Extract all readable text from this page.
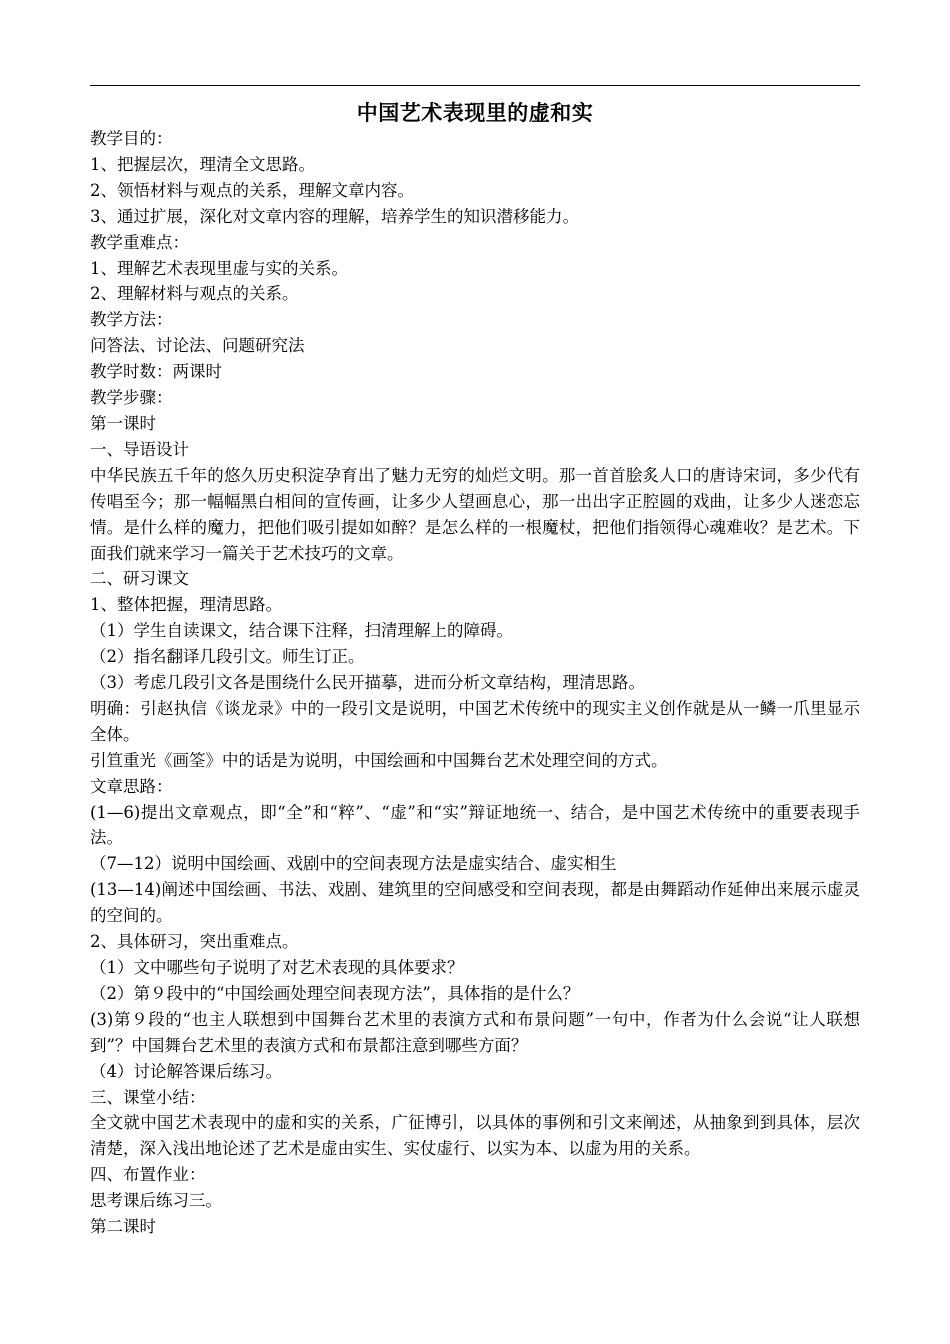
中国艺术表现里的虚和实
教学目的：
1、把握层次，理清全文思路。
2、领悟材料与观点的关系，理解文章内容。
3、通过扩展，深化对文章内容的理解，培养学生的知识潜移能力。
教学重难点：
1、理解艺术表现里虚与实的关系。
2、理解材料与观点的关系。
教学方法：
问答法、讨论法、问题研究法
教学时数：两课时
教学步骤：
第一课时
一、导语设计
中华民族五千年的悠久历史积淀孕育出了魅力无穷的灿烂文明。那一首首脍炙人口的唐诗宋词，多少代有传唱至今；那一幅幅黑白相间的宣传画，让多少人望画息心，那一出出字正腔圆的戏曲，让多少人迷恋忘情。是什么样的魔力，把他们吸引提如如醉？是怎么样的一根魔杖，把他们指领得心魂难收？是艺术。下面我们就来学习一篇关于艺术技巧的文章。
二、研习课文
1、整体把握，理清思路。
（1）学生自读课文，结合课下注释，扫清理解上的障碍。
（2）指名翻译几段引文。师生订正。
（3）考虑几段引文各是围绕什么民开描摹，进而分析文章结构，理清思路。
明确：引赵执信《谈龙录》中的一段引文是说明，中国艺术传统中的现实主义创作就是从一鳞一爪里显示全体。
引笪重光《画筌》中的话是为说明，中国绘画和中国舞台艺术处理空间的方式。
文章思路：
(1—6)提出文章观点，即“全”和“粹”、“虚”和“实”辩证地统一、结合，是中国艺术传统中的重要表现手法。
（7—12）说明中国绘画、戏剧中的空间表现方法是虚实结合、虚实相生
(13—14)阐述中国绘画、书法、戏剧、建筑里的空间感受和空间表现，都是由舞蹈动作延伸出来展示虚灵的空间的。
2、具体研习，突出重难点。
（1）文中哪些句子说明了对艺术表现的具体要求？
（2）第９段中的“中国绘画处理空间表现方法”，具体指的是什么？
(3)第９段的“也主人联想到中国舞台艺术里的表演方式和布景问题”一句中，作者为什么会说“让人联想到”？中国舞台艺术里的表演方式和布景都注意到哪些方面？
（4）讨论解答课后练习。
三、课堂小结：
全文就中国艺术表现中的虚和实的关系，广征博引，以具体的事例和引文来阐述，从抽象到到具体，层次清楚，深入浅出地论述了艺术是虚由实生、实仗虚行、以实为本、以虚为用的关系。
四、布置作业：
思考课后练习三。
第二课时
